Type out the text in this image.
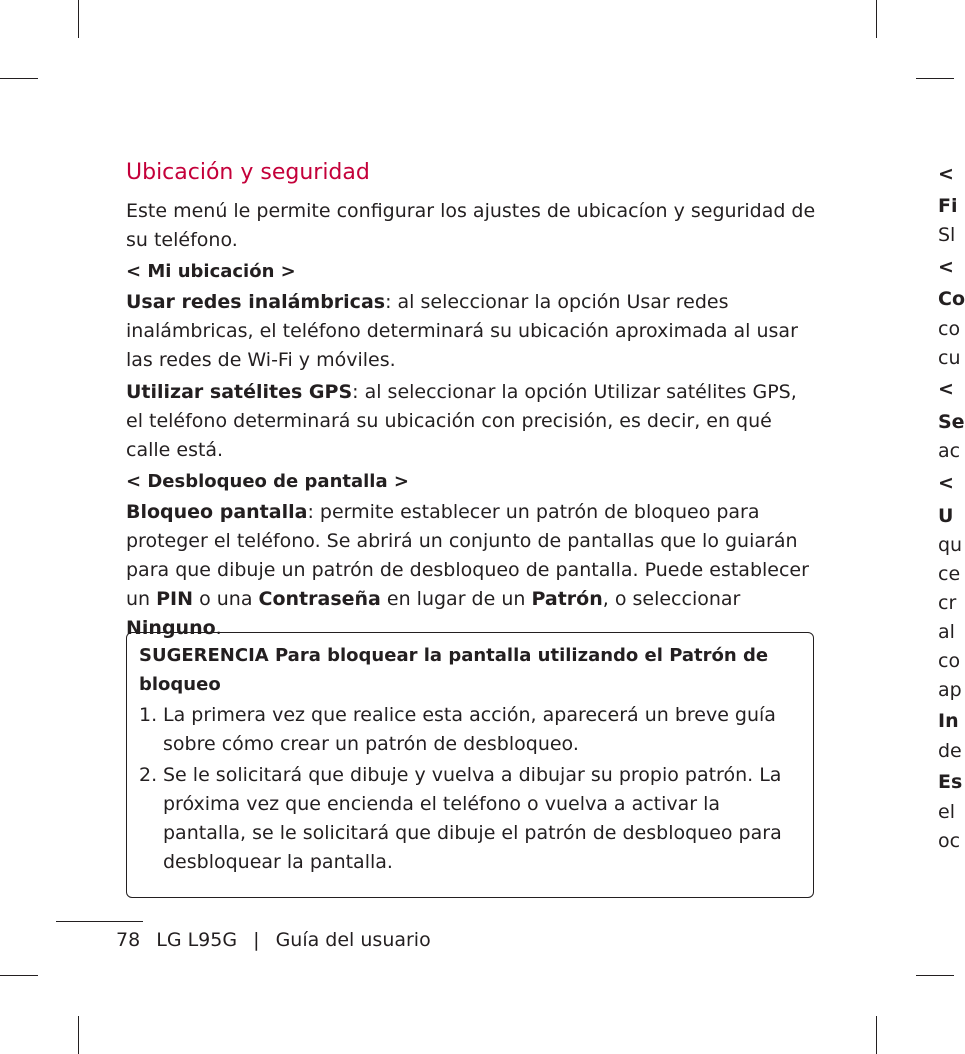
Ubicación y seguridad

Este menú le permite configurar los ajustes de ubicacíon y seguridad de su teléfono.

< Mi ubicación >

Usar redes inalámbricas: al seleccionar la opción Usar redes inalámbricas, el teléfono determinará su ubicación aproximada al usar las redes de Wi-Fi y móviles.

Utilizar satélites GPS: al seleccionar la opción Utilizar satélites GPS, el teléfono determinará su ubicación con precisión, es decir, en qué calle está.

< Desbloqueo de pantalla >

Bloqueo pantalla: permite establecer un patrón de bloqueo para proteger el teléfono. Se abrirá un conjunto de pantallas que lo guiarán para que dibuje un patrón de desbloqueo de pantalla. Puede establecer un PIN o una Contraseña en lugar de un Patrón, o seleccionar Ninguno.

SUGERENCIA Para bloquear la pantalla utilizando el Patrón de bloqueo
1. La primera vez que realice esta acción, aparecerá un breve guía sobre cómo crear un patrón de desbloqueo.
2. Se le solicitará que dibuje y vuelva a dibujar su propio patrón. La próxima vez que encienda el teléfono o vuelva a activar la pantalla, se le solicitará que dibuje el patrón de desbloqueo para desbloquear la pantalla.
78 LG L95G | Guía del usuario
<
Fi
Sl
<
Co
co
cu
<
Se
ac
<
U
qu
ce
cr
al
co
ap
In
de
Es
el
oc
